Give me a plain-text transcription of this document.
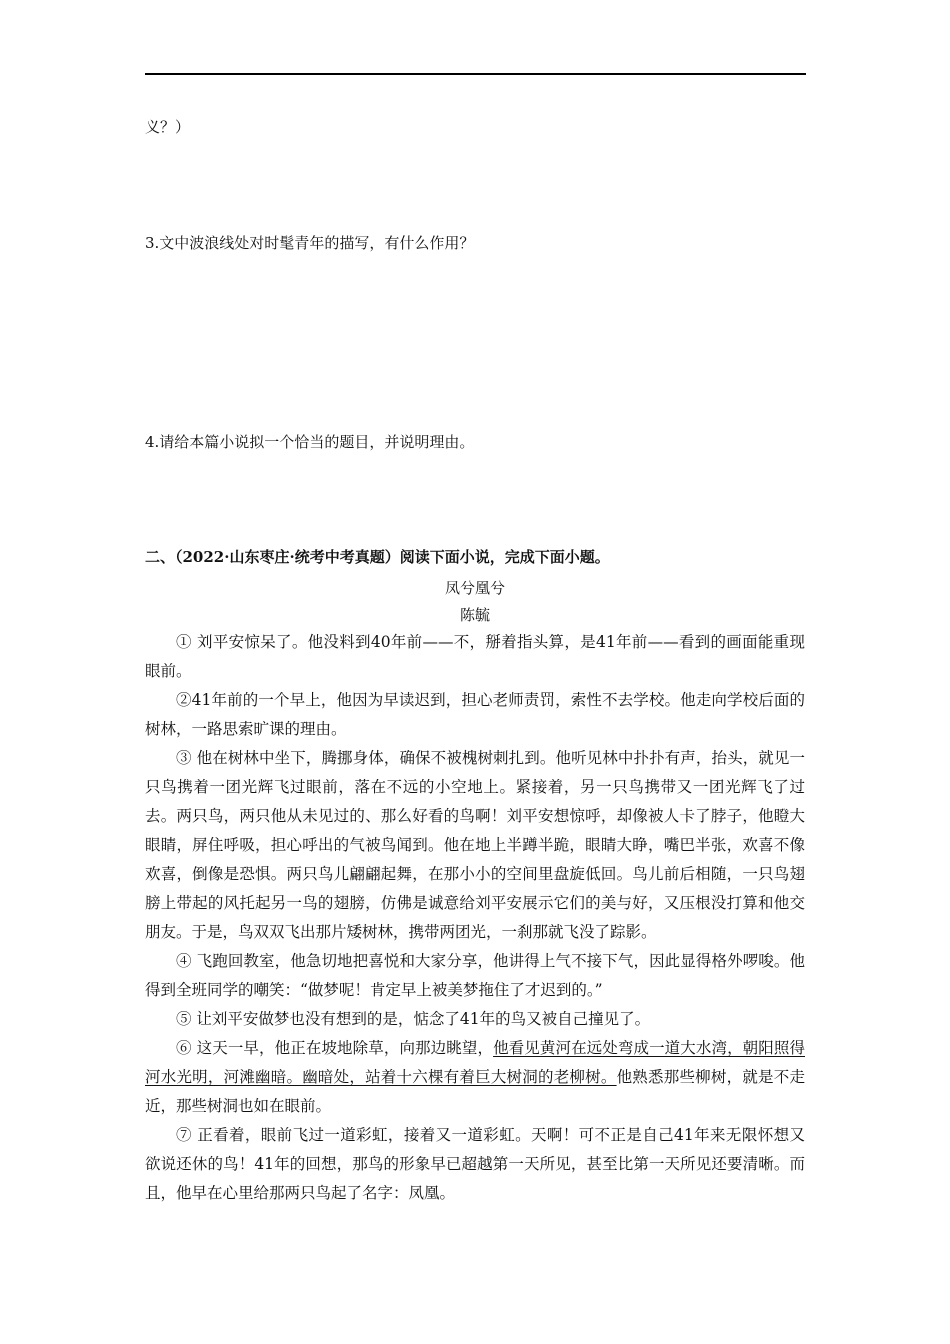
义？）
3.文中波浪线处对时髦青年的描写，有什么作用？
4.请给本篇小说拟一个恰当的题目，并说明理由。
二、（2022·山东枣庄·统考中考真题）阅读下面小说，完成下面小题。
凤兮凰兮
陈毓

① 刘平安惊呆了。他没料到40年前——不，掰着指头算，是41年前——看到的画面能重现眼前。

②41年前的一个早上，他因为早读迟到，担心老师责罚，索性不去学校。他走向学校后面的树林，一路思索旷课的理由。

③ 他在树林中坐下，腾挪身体，确保不被槐树刺扎到。他听见林中扑扑有声，抬头，就见一只鸟携着一团光辉飞过眼前，落在不远的小空地上。紧接着，另一只鸟携带又一团光辉飞了过去。两只鸟，两只他从未见过的、那么好看的鸟啊！刘平安想惊呼，却像被人卡了脖子，他瞪大眼睛，屏住呼吸，担心呼出的气被鸟闻到。他在地上半蹲半跪，眼睛大睁，嘴巴半张，欢喜不像欢喜，倒像是恐惧。两只鸟儿翩翩起舞，在那小小的空间里盘旋低回。鸟儿前后相随，一只鸟翅膀上带起的风托起另一鸟的翅膀，仿佛是诚意给刘平安展示它们的美与好，又压根没打算和他交朋友。于是，鸟双双飞出那片矮树林，携带两团光，一刹那就飞没了踪影。

④ 飞跑回教室，他急切地把喜悦和大家分享，他讲得上气不接下气，因此显得格外啰唆。他得到全班同学的嘲笑：“做梦呢！肯定早上被美梦拖住了才迟到的。”

⑤ 让刘平安做梦也没有想到的是，惦念了41年的鸟又被自己撞见了。

⑥ 这天一早，他正在坡地除草，向那边眺望，他看见黄河在远处弯成一道大水湾，朝阳照得河水光明，河滩幽暗。幽暗处，站着十六棵有着巨大树洞的老柳树。他熟悉那些柳树，就是不走近，那些树洞也如在眼前。

⑦ 正看着，眼前飞过一道彩虹，接着又一道彩虹。天啊！可不正是自己41年来无限怀想又欲说还休的鸟！41年的回想，那鸟的形象早已超越第一天所见，甚至比第一天所见还要清晰。而且，他早在心里给那两只鸟起了名字：凤凰。
